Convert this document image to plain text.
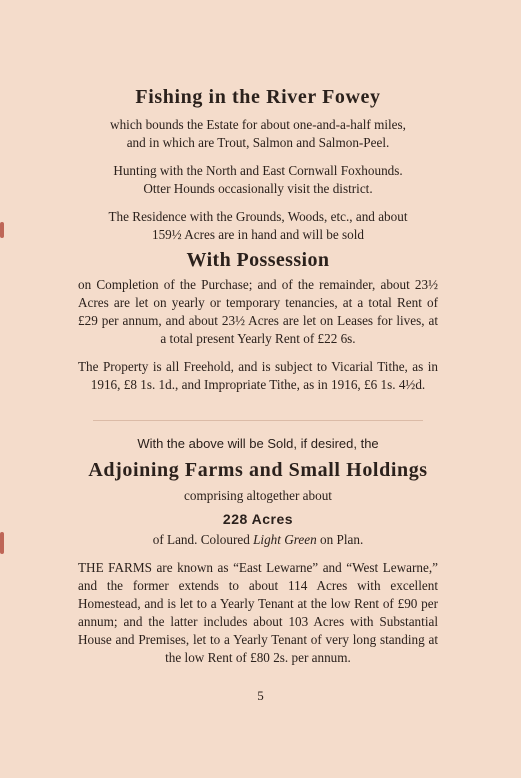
Fishing in the River Fowey

which bounds the Estate for about one-and-a-half miles,

and in which are Trout, Salmon and Salmon-Peel.

Hunting with the North and East Cornwall Foxhounds.

Otter Hounds occasionally visit the district.

The Residence with the Grounds, Woods, etc., and about

159½ Acres are in hand and will be sold

With Possession

on Completion of the Purchase; and of the remainder, about 23½ Acres are let on yearly or temporary tenancies, at a total Rent of £29 per annum, and about 23½ Acres are let on Leases for lives, at a total present Yearly Rent of £22 6s.

The Property is all Freehold, and is subject to Vicarial Tithe, as in 1916, £8 1s. 1d., and Impropriate Tithe, as in 1916, £6 1s. 4½d.

With the above will be Sold, if desired, the

Adjoining Farms and Small Holdings

comprising altogether about

228 Acres

of Land. Coloured Light Green on Plan.

THE FARMS are known as “East Lewarne” and “West Lewarne,” and the former extends to about 114 Acres with excellent Homestead, and is let to a Yearly Tenant at the low Rent of £90 per annum; and the latter includes about 103 Acres with Substantial House and Premises, let to a Yearly Tenant of very long standing at the low Rent of £80 2s. per annum.

5
